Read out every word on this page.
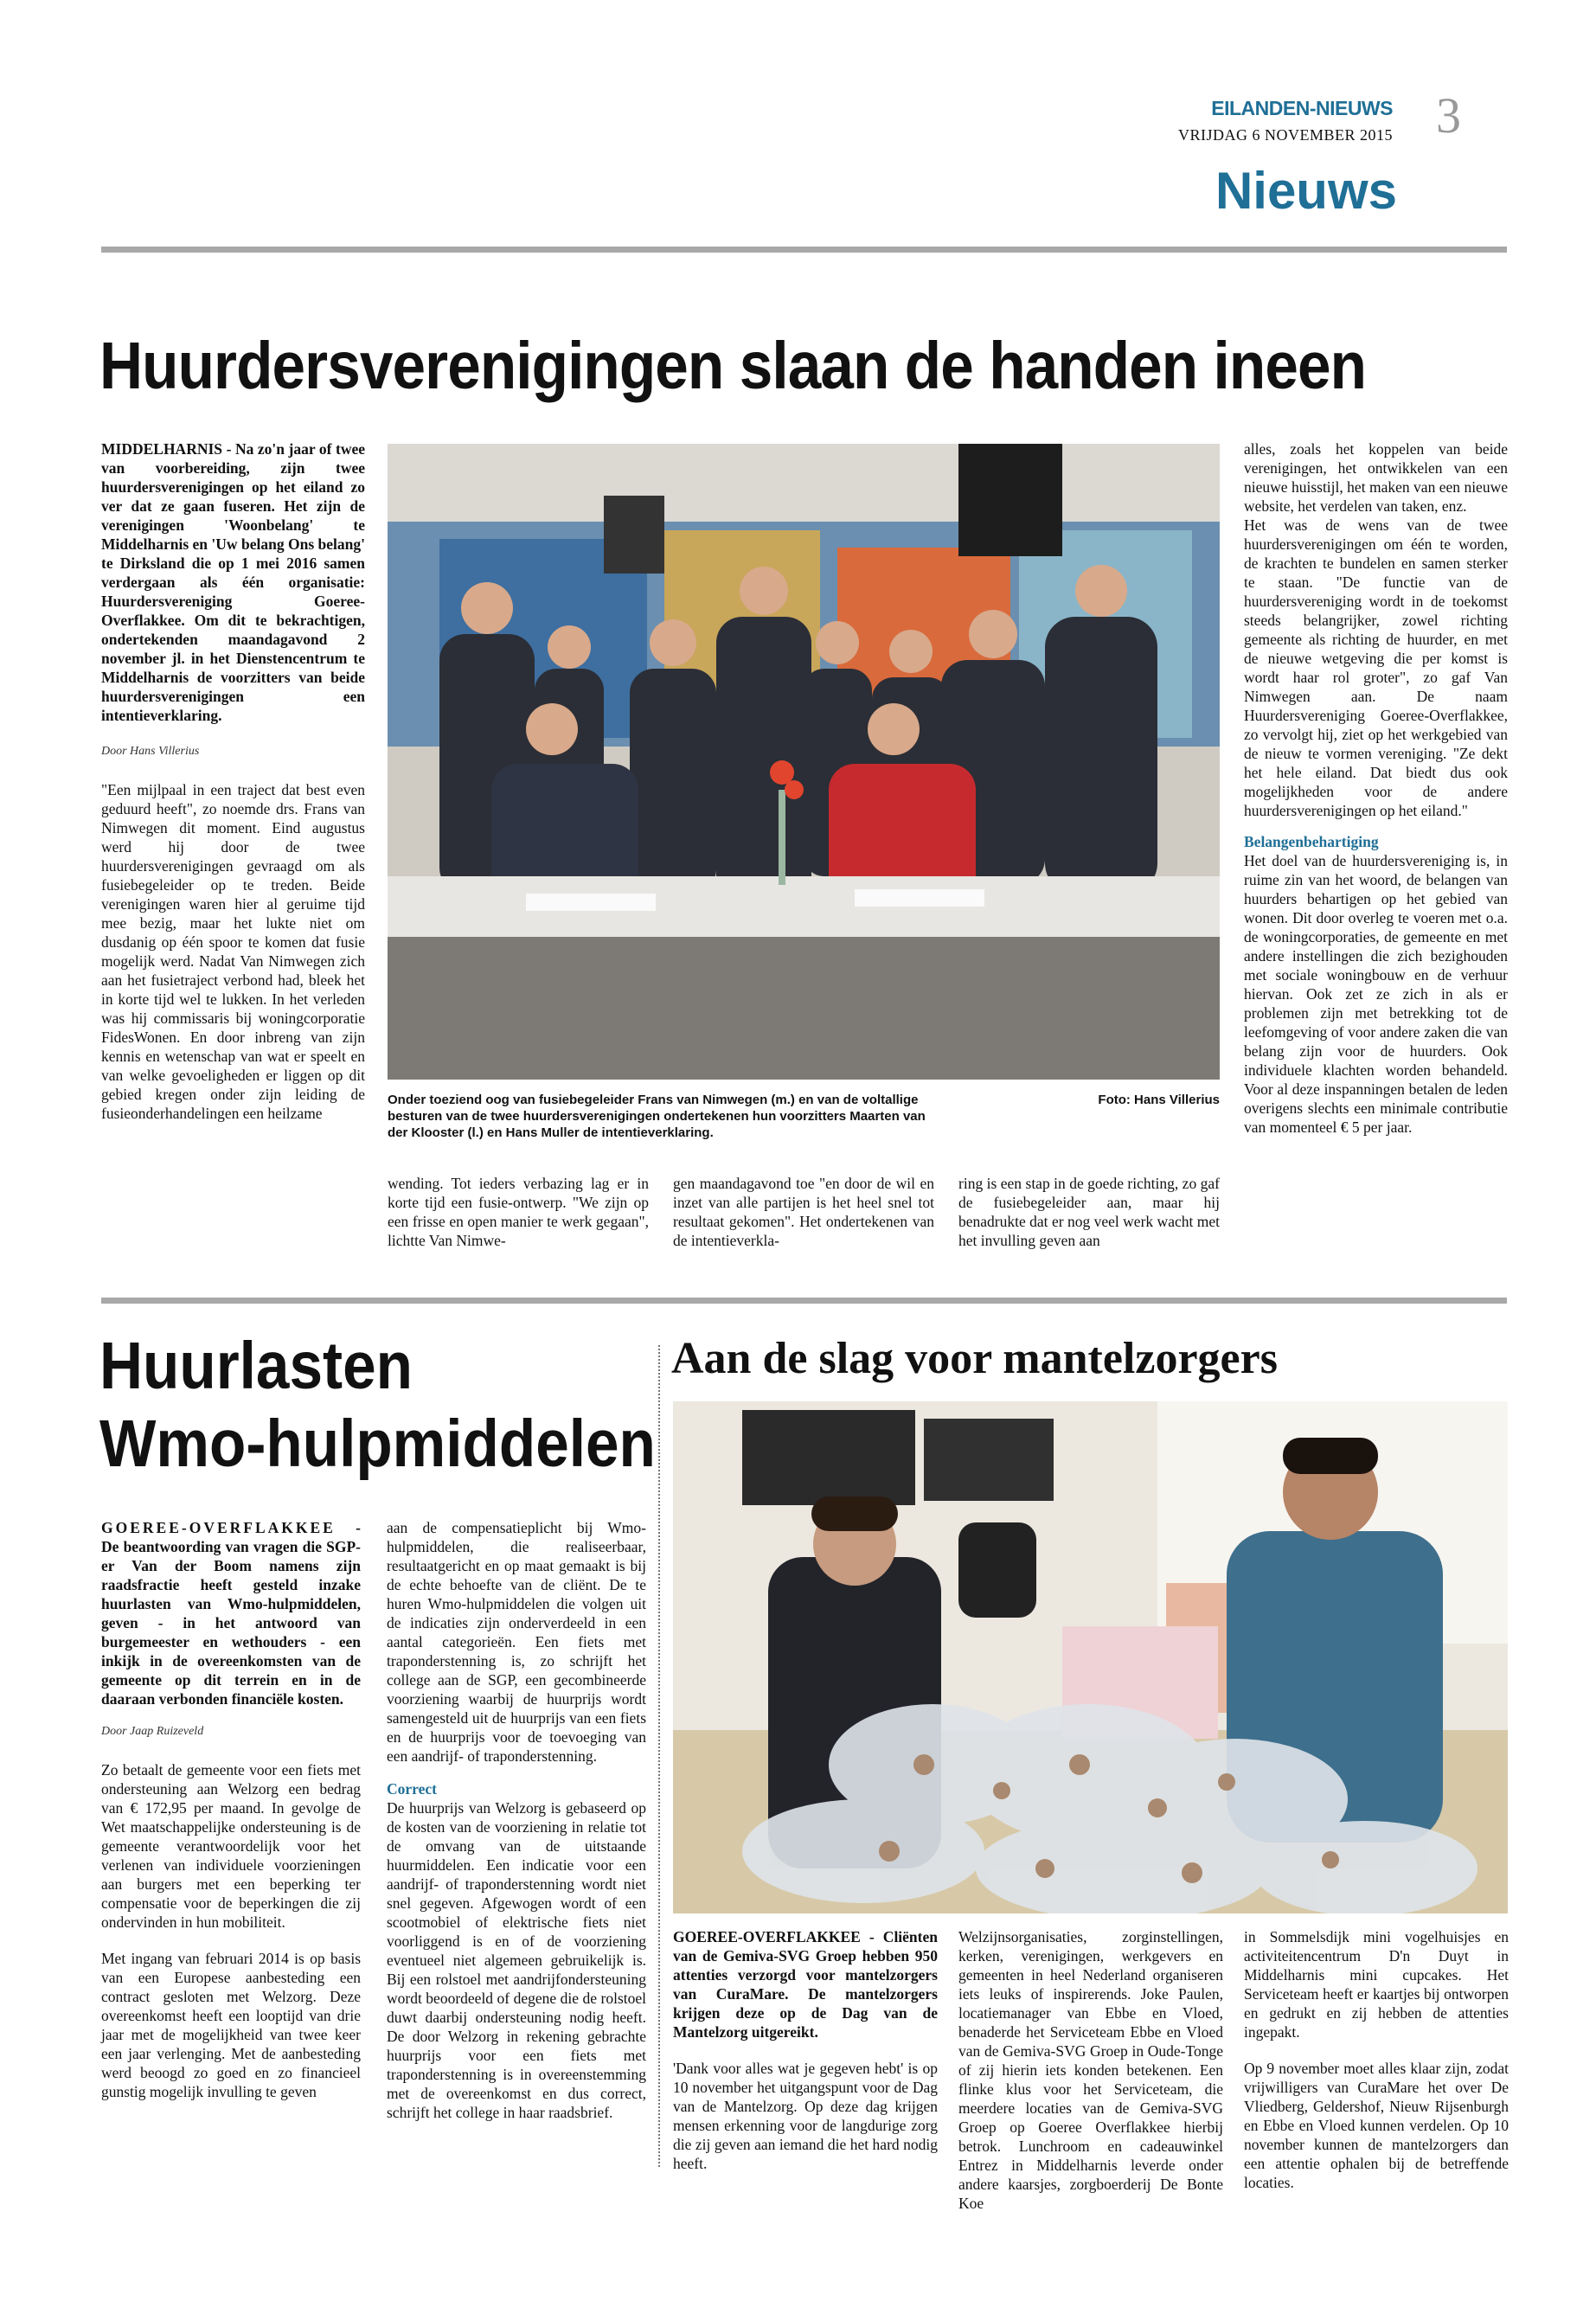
EILANDEN-NIEUWS
VRIJDAG 6 NOVEMBER 2015 3
Nieuws
Huurdersverenigingen slaan de handen ineen

MIDDELHARNIS - Na zo'n jaar of twee van voorbereiding, zijn twee huurdersverenigingen op het eiland zo ver dat ze gaan fuseren. Het zijn de verenigingen 'Woonbelang' te Middelharnis en 'Uw belang Ons belang' te Dirksland die op 1 mei 2016 samen verdergaan als één organisatie: Huurdersvereniging Goeree-Overflakkee. Om dit te bekrachtigen, ondertekenden maandagavond 2 november jl. in het Dienstencentrum te Middelharnis de voorzitters van beide huurdersverenigingen een intentieverklaring.

Door Hans Villerius

"Een mijlpaal in een traject dat best even geduurd heeft", zo noemde drs. Frans van Nimwegen dit moment. Eind augustus werd hij door de twee huurdersverenigingen gevraagd om als fusiebegeleider op te treden. Beide verenigingen waren hier al geruime tijd mee bezig, maar het lukte niet om dusdanig op één spoor te komen dat fusie mogelijk werd. Nadat Van Nimwegen zich aan het fusietraject verbond had, bleek het in korte tijd wel te lukken. In het verleden was hij commissaris bij woningcorporatie FidesWonen. En door inbreng van zijn kennis en wetenschap van wat er speelt en van welke gevoeligheden er liggen op dit gebied kregen onder zijn leiding de fusieonderhandelingen een heilzame

Onder toeziend oog van fusiebegeleider Frans van Nimwegen (m.) en van de voltallige besturen van de twee huurdersverenigingen ondertekenen hun voorzitters Maarten van der Klooster (l.) en Hans Muller de intentieverklaring.
Foto: Hans Villerius

wending. Tot ieders verbazing lag er in korte tijd een fusie-ontwerp. "We zijn op een frisse en open manier te werk gegaan", lichtte Van Nimwe-

gen maandagavond toe "en door de wil en inzet van alle partijen is het heel snel tot resultaat gekomen". Het ondertekenen van de intentieverkla-

ring is een stap in de goede richting, zo gaf de fusiebegeleider aan, maar hij benadrukte dat er nog veel werk wacht met het invulling geven aan

alles, zoals het koppelen van beide verenigingen, het ontwikkelen van een nieuwe huisstijl, het maken van een nieuwe website, het verdelen van taken, enz.

Het was de wens van de twee huurdersverenigingen om één te worden, de krachten te bundelen en samen sterker te staan. "De functie van de huurdersvereniging wordt in de toekomst steeds belangrijker, zowel richting gemeente als richting de huurder, en met de nieuwe wetgeving die per komst is wordt haar rol groter", zo gaf Van Nimwegen aan. De naam Huurdersvereniging Goeree-Overflakkee, zo vervolgt hij, ziet op het werkgebied van de nieuw te vormen vereniging. "Ze dekt het hele eiland. Dat biedt dus ook mogelijkheden voor de andere huurdersverenigingen op het eiland."

Belangenbehartiging

Het doel van de huurdersvereniging is, in ruime zin van het woord, de belangen van huurders behartigen op het gebied van wonen. Dit door overleg te voeren met o.a. de woningcorporaties, de gemeente en met andere instellingen die zich bezighouden met sociale woningbouw en de verhuur hiervan. Ook zet ze zich in als er problemen zijn met betrekking tot de leefomgeving of voor andere zaken die van belang zijn voor de huurders. Ook individuele klachten worden behandeld. Voor al deze inspanningen betalen de leden overigens slechts een minimale contributie van momenteel € 5 per jaar.

Huurlasten
Wmo-hulpmiddelen

GOEREE-OVERFLAKKEE - De beantwoording van vragen die SGP-er Van der Boom namens zijn raadsfractie heeft gesteld inzake huurlasten van Wmo-hulpmiddelen, geven - in het antwoord van burgemeester en wethouders - een inkijk in de overeenkomsten van de gemeente op dit terrein en in de daaraan verbonden financiële kosten.

Door Jaap Ruizeveld

Zo betaalt de gemeente voor een fiets met ondersteuning aan Welzorg een bedrag van € 172,95 per maand. In gevolge de Wet maatschappelijke ondersteuning is de gemeente verantwoordelijk voor het verlenen van individuele voorzieningen aan burgers met een beperking ter compensatie voor de beperkingen die zij ondervinden in hun mobiliteit.

Met ingang van februari 2014 is op basis van een Europese aanbesteding een contract gesloten met Welzorg. Deze overeenkomst heeft een looptijd van drie jaar met de mogelijkheid van twee keer een jaar verlenging. Met de aanbesteding werd beoogd zo goed en zo financieel gunstig mogelijk invulling te geven

aan de compensatieplicht bij Wmo-hulpmiddelen, die realiseerbaar, resultaatgericht en op maat gemaakt is bij de echte behoefte van de cliënt. De te huren Wmo-hulpmiddelen die volgen uit de indicaties zijn onderverdeeld in een aantal categorieën. Een fiets met traponderstenning is, zo schrijft het college aan de SGP, een gecombineerde voorziening waarbij de huurprijs wordt samengesteld uit de huurprijs van een fiets en de huurprijs voor de toevoeging van een aandrijf- of traponderstenning.

Correct

De huurprijs van Welzorg is gebaseerd op de kosten van de voorziening in relatie tot de omvang van de uitstaande huurmiddelen. Een indicatie voor een aandrijf- of traponderstenning wordt niet snel gegeven. Afgewogen wordt of een scootmobiel of elektrische fiets niet voorliggend is en of de voorziening eventueel niet algemeen gebruikelijk is. Bij een rolstoel met aandrijfondersteuning wordt beoordeeld of degene die de rolstoel duwt daarbij ondersteuning nodig heeft. De door Welzorg in rekening gebrachte huurprijs voor een fiets met traponderstenning is in overeenstemming met de overeenkomst en dus correct, schrijft het college in haar raadsbrief.

Aan de slag voor mantelzorgers

GOEREE-OVERFLAKKEE - Cliënten van de Gemiva-SVG Groep hebben 950 attenties verzorgd voor mantelzorgers van CuraMare. De mantelzorgers krijgen deze op de Dag van de Mantelzorg uitgereikt.

'Dank voor alles wat je gegeven hebt' is op 10 november het uitgangspunt voor de Dag van de Mantelzorg. Op deze dag krijgen mensen erkenning voor de langdurige zorg die zij geven aan iemand die het hard nodig heeft.

Welzijnsorganisaties, zorginstellingen, kerken, verenigingen, werkgevers en gemeenten in heel Nederland organiseren iets leuks of inspirerends. Joke Paulen, locatiemanager van Ebbe en Vloed, benaderde het Serviceteam Ebbe en Vloed van de Gemiva-SVG Groep in Oude-Tonge of zij hierin iets konden betekenen. Een flinke klus voor het Serviceteam, die meerdere locaties van de Gemiva-SVG Groep op Goeree Overflakkee hierbij betrok. Lunchroom en cadeauwinkel Entrez in Middelharnis leverde onder andere kaarsjes, zorgboerderij De Bonte Koe

in Sommelsdijk mini vogelhuisjes en activiteitencentrum D'n Duyt in Middelharnis mini cupcakes. Het Serviceteam heeft er kaartjes bij ontworpen en gedrukt en zij hebben de attenties ingepakt.

Op 9 november moet alles klaar zijn, zodat vrijwilligers van CuraMare het over De Vliedberg, Geldershof, Nieuw Rijsenburgh en Ebbe en Vloed kunnen verdelen. Op 10 november kunnen de mantelzorgers dan een attentie ophalen bij de betreffende locaties.
